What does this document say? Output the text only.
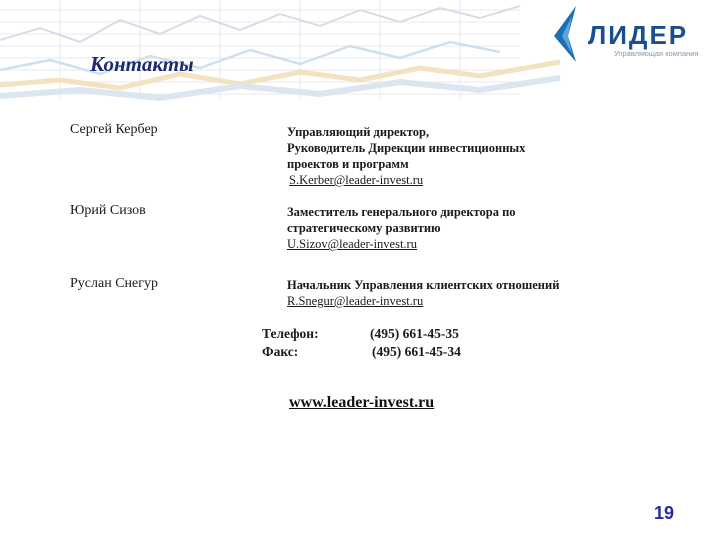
Контакты
ЛИДЕР
Управляющая компания
Сергей Кербер	Управляющий директор,
Руководитель Дирекции инвестиционных
проектов и программ
S.Kerber@leader-invest.ru
Юрий Сизов	Заместитель генерального директора по
стратегическому развитию
U.Sizov@leader-invest.ru
Руслан Снегур	Начальник Управления клиентских отношений
R.Snegur@leader-invest.ru
Телефон:	(495) 661-45-35
Факс:	(495) 661-45-34
www.leader-invest.ru
19
